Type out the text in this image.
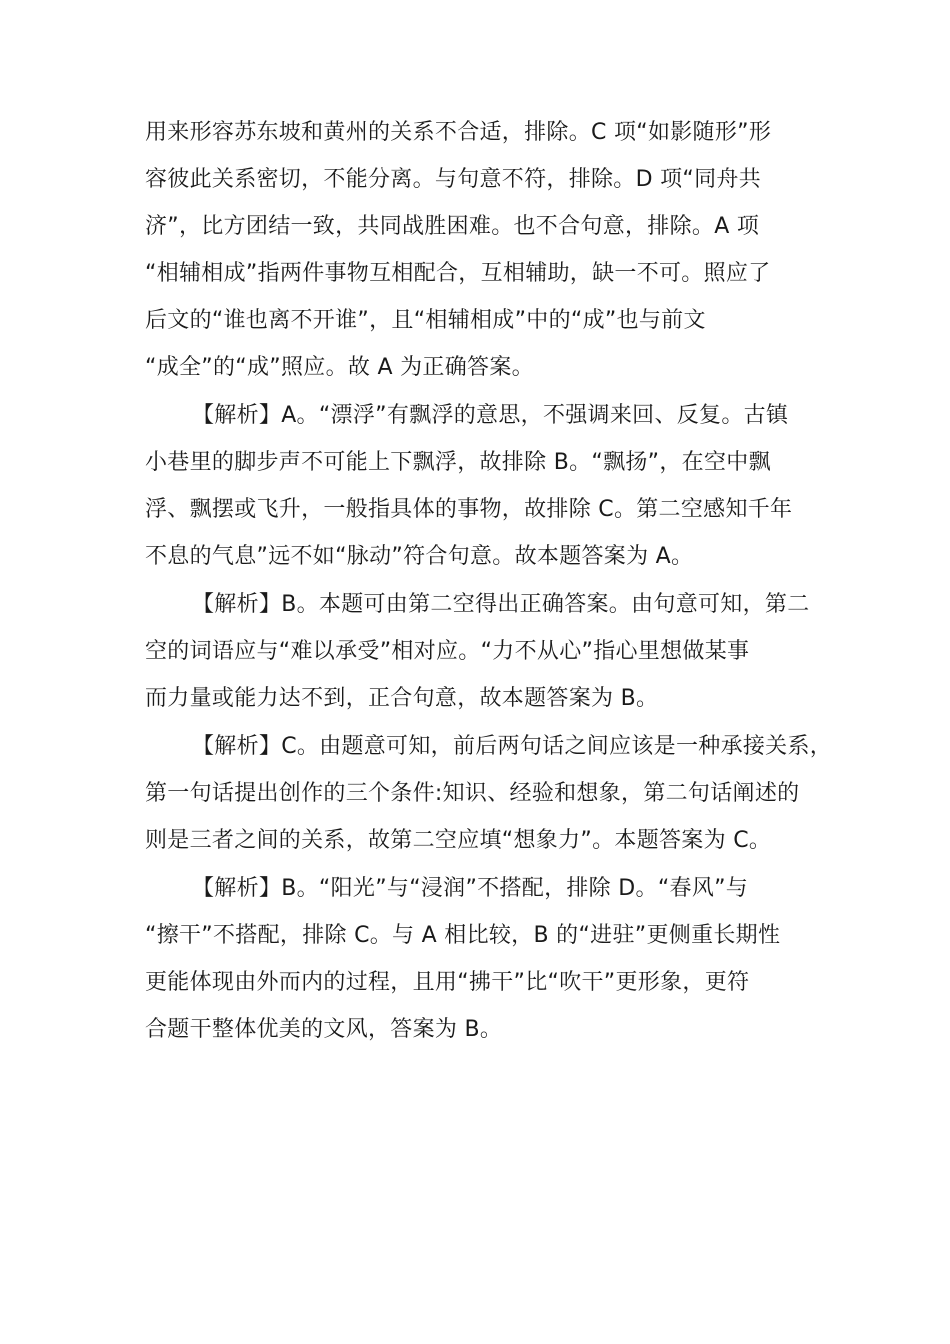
用来形容苏东坡和黄州的关系不合适，排除。C 项“如影随形”形
容彼此关系密切，不能分离。与句意不符，排除。D 项“同舟共
济”，比方团结一致，共同战胜困难。也不合句意，排除。A 项
“相辅相成”指两件事物互相配合，互相辅助，缺一不可。照应了
后文的“谁也离不开谁”，且“相辅相成”中的“成”也与前文
“成全”的“成”照应。故 A 为正确答案。
【解析】A。“漂浮”有飘浮的意思，不强调来回、反复。古镇
小巷里的脚步声不可能上下飘浮，故排除 B。“飘扬”，在空中飘
浮、飘摆或飞升，一般指具体的事物，故排除 C。第二空感知千年
不息的气息”远不如“脉动”符合句意。故本题答案为 A。
【解析】B。本题可由第二空得出正确答案。由句意可知，第二
空的词语应与“难以承受”相对应。“力不从心”指心里想做某事
而力量或能力达不到，正合句意，故本题答案为 B。
【解析】C。由题意可知，前后两句话之间应该是一种承接关系，
第一句话提出创作的三个条件:知识、经验和想象，第二句话阐述的
则是三者之间的关系，故第二空应填“想象力”。本题答案为 C。
【解析】B。“阳光”与“浸润”不搭配，排除 D。“春风”与
“擦干”不搭配，排除 C。与 A 相比较，B 的“进驻”更侧重长期性
更能体现由外而内的过程，且用“拂干”比“吹干”更形象，更符
合题干整体优美的文风，答案为 B。
